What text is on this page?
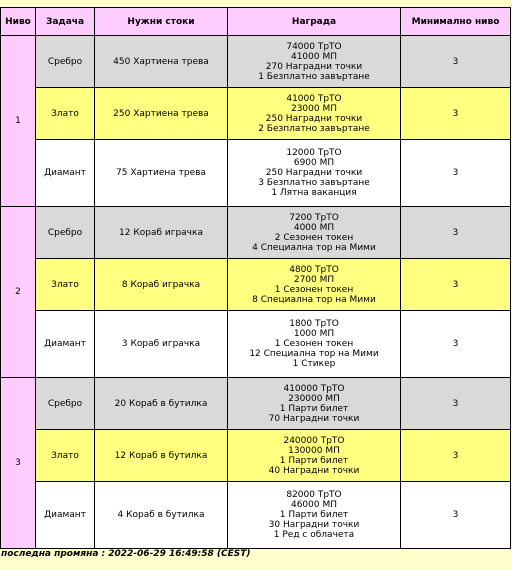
Ниво	Задача	Нужни стоки	Награда	Минимално ниво
1	Сребро	450 Хартиена трева	74000 ТрТО
41000 МП
270 Наградни точки
1 Безплатно завъртане	3
	Злато	250 Хартиена трева	41000 ТрТО
23000 МП
250 Наградни точки
2 Безплатно завъртане	3
	Диамант	75 Хартиена трева	12000 ТрТО
6900 МП
250 Наградни точки
3 Безплатно завъртане
1 Лятна ваканция	3
2	Сребро	12 Кораб играчка	7200 ТрТО
4000 МП
2 Сезонен токен
4 Специална тор на Мими	3
	Злато	8 Кораб играчка	4800 ТрТО
2700 МП
1 Сезонен токен
8 Специална тор на Мими	3
	Диамант	3 Кораб играчка	1800 ТрТО
1000 МП
1 Сезонен токен
12 Специална тор на Мими
1 Стикер	3
3	Сребро	20 Кораб в бутилка	410000 ТрТО
230000 МП
1 Парти билет
70 Наградни точки	3
	Злато	12 Кораб в бутилка	240000 ТрТО
130000 МП
1 Парти билет
40 Наградни точки	3
	Диамант	4 Кораб в бутилка	82000 ТрТО
46000 МП
1 Парти билет
30 Наградни точки
1 Ред с облачета	3
последна промяна : 2022-06-29 16:49:58 (CEST)
